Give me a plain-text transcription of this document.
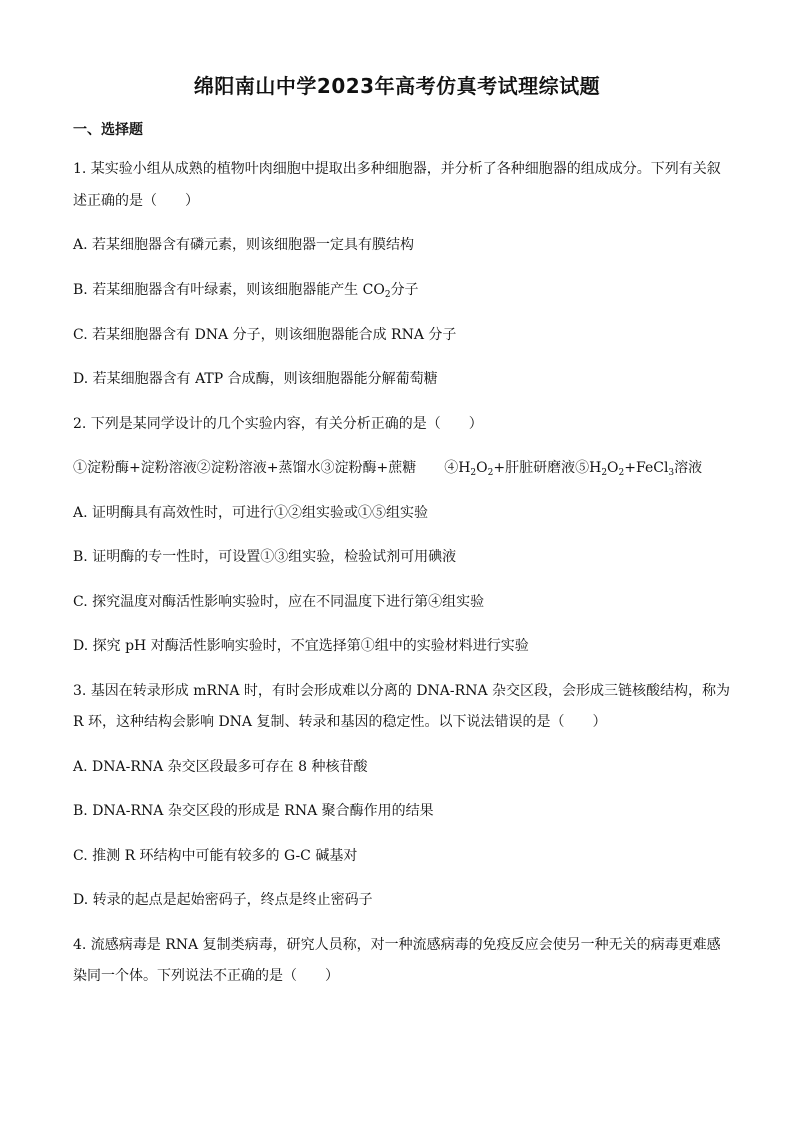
绵阳南山中学2023年高考仿真考试理综试题
一、选择题
1. 某实验小组从成熟的植物叶肉细胞中提取出多种细胞器，并分析了各种细胞器的组成成分。下列有关叙
述正确的是（　　）
A. 若某细胞器含有磷元素，则该细胞器一定具有膜结构
B. 若某细胞器含有叶绿素，则该细胞器能产生 $CO_2$分子
C. 若某细胞器含有 DNA 分子，则该细胞器能合成 RNA 分子
D. 若某细胞器含有 ATP 合成酶，则该细胞器能分解葡萄糖
2. 下列是某同学设计的几个实验内容，有关分析正确的是（　　）
①淀粉酶+淀粉溶液②淀粉溶液+蒸馏水③淀粉酶+蔗糖　　$④H_2O_2+$肝脏研磨液$⑤H_2O_2+FeCl_3$溶液
A. 证明酶具有高效性时，可进行①②组实验或①⑤组实验
B. 证明酶的专一性时，可设置①③组实验，检验试剂可用碘液
C. 探究温度对酶活性影响实验时，应在不同温度下进行第④组实验
D. 探究 pH 对酶活性影响实验时，不宜选择第①组中的实验材料进行实验
3. 基因在转录形成 mRNA 时，有时会形成难以分离的 DNA-RNA 杂交区段，会形成三链核酸结构，称为
R 环，这种结构会影响 DNA 复制、转录和基因的稳定性。以下说法错误的是（　　）
A. DNA-RNA 杂交区段最多可存在 8 种核苷酸
B. DNA-RNA 杂交区段的形成是 RNA 聚合酶作用的结果
C. 推测 R 环结构中可能有较多的 G-C 碱基对
D. 转录的起点是起始密码子，终点是终止密码子
4. 流感病毒是 RNA 复制类病毒，研究人员称，对一种流感病毒的免疫反应会使另一种无关的病毒更难感
染同一个体。下列说法不正确的是（　　）
